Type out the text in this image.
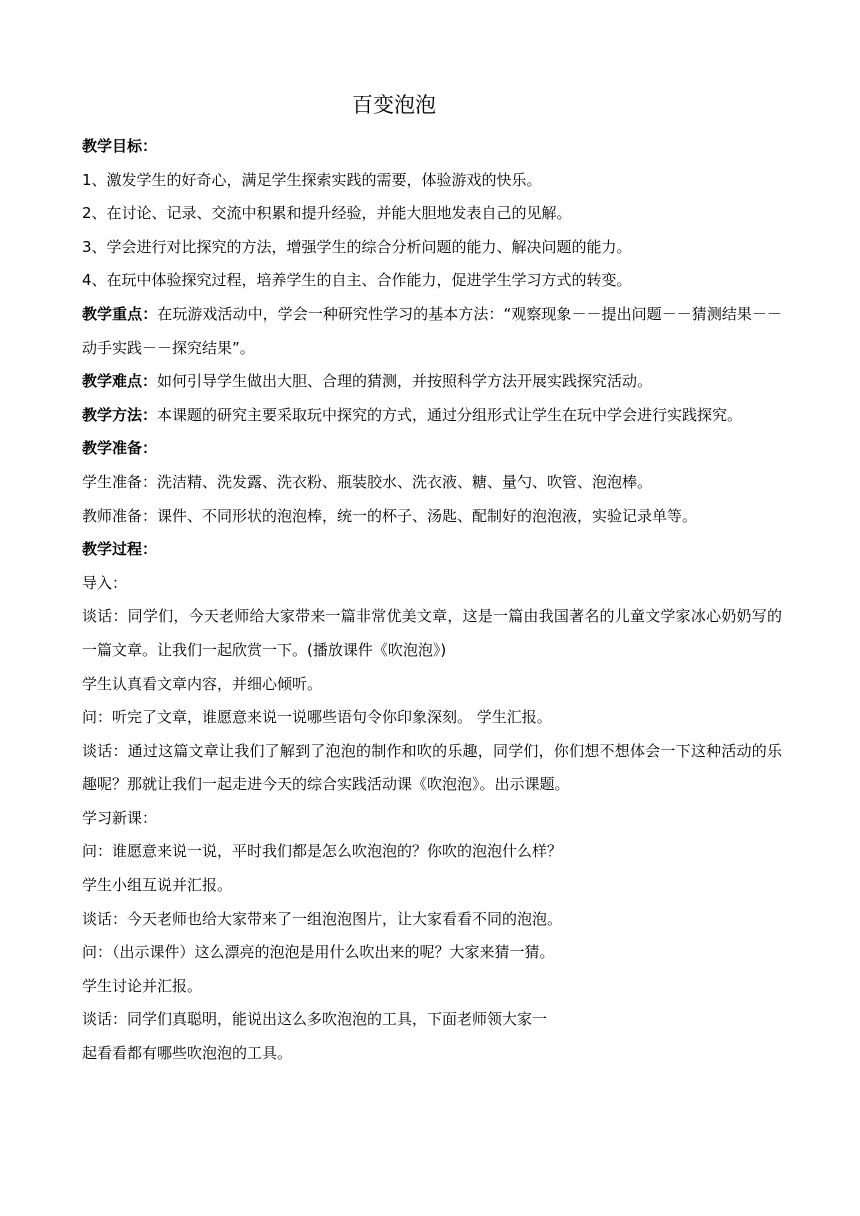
百变泡泡
教学目标：
1、激发学生的好奇心，满足学生探索实践的需要，体验游戏的快乐。
2、在讨论、记录、交流中积累和提升经验，并能大胆地发表自己的见解。
3、学会进行对比探究的方法，增强学生的综合分析问题的能力、解决问题的能力。
4、在玩中体验探究过程，培养学生的自主、合作能力，促进学生学习方式的转变。
教学重点：在玩游戏活动中，学会一种研究性学习的基本方法：“观察现象－－提出问题－－猜测结果－－动手实践－－探究结果”。
教学难点：如何引导学生做出大胆、合理的猜测，并按照科学方法开展实践探究活动。
教学方法：本课题的研究主要采取玩中探究的方式，通过分组形式让学生在玩中学会进行实践探究。
教学准备：
学生准备：洗洁精、洗发露、洗衣粉、瓶装胶水、洗衣液、糖、量勺、吹管、泡泡棒。
教师准备：课件、不同形状的泡泡棒，统一的杯子、汤匙、配制好的泡泡液，实验记录单等。
教学过程：
导入：
谈话：同学们，今天老师给大家带来一篇非常优美文章，这是一篇由我国著名的儿童文学家冰心奶奶写的一篇文章。让我们一起欣赏一下。(播放课件《吹泡泡》)
学生认真看文章内容，并细心倾听。
问：听完了文章，谁愿意来说一说哪些语句令你印象深刻。 学生汇报。
谈话：通过这篇文章让我们了解到了泡泡的制作和吹的乐趣，同学们，你们想不想体会一下这种活动的乐趣呢？那就让我们一起走进今天的综合实践活动课《吹泡泡》。出示课题。
学习新课：
问：谁愿意来说一说，平时我们都是怎么吹泡泡的？你吹的泡泡什么样？
学生小组互说并汇报。
谈话：今天老师也给大家带来了一组泡泡图片，让大家看看不同的泡泡。
问：（出示课件）这么漂亮的泡泡是用什么吹出来的呢？大家来猜一猜。
学生讨论并汇报。
谈话：同学们真聪明，能说出这么多吹泡泡的工具，下面老师领大家一
起看看都有哪些吹泡泡的工具。
